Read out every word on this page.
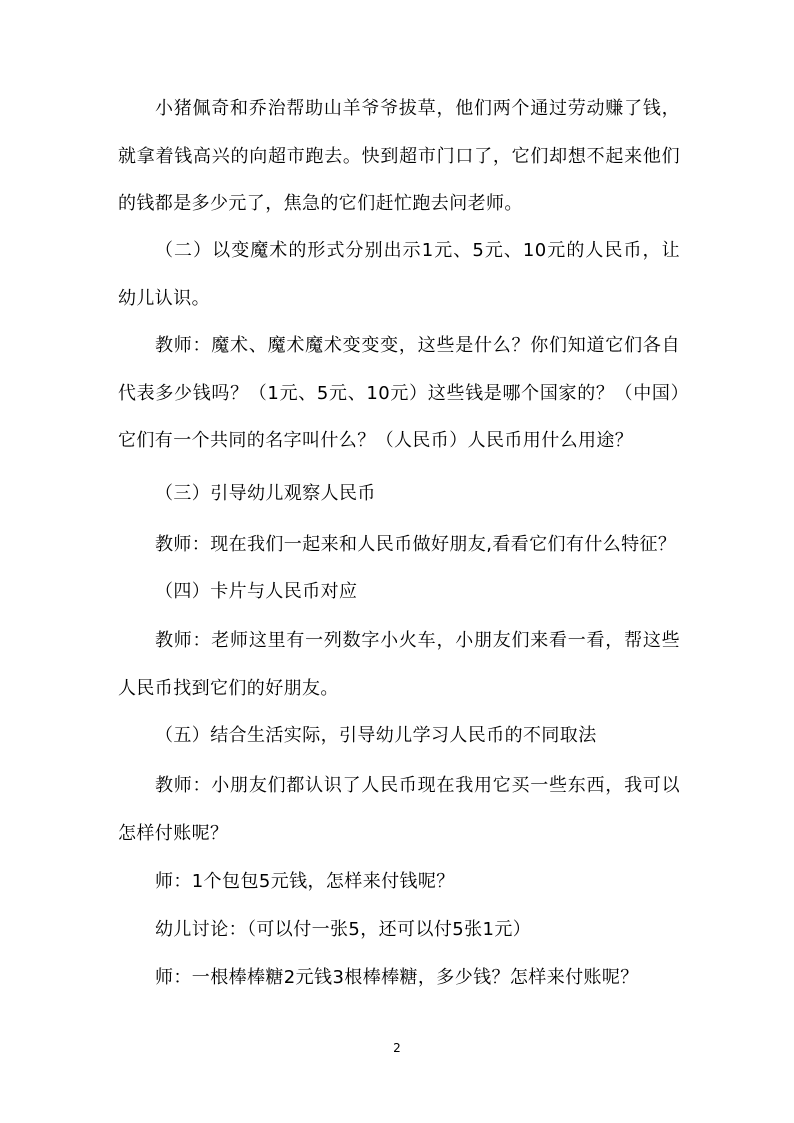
小猪佩奇和乔治帮助山羊爷爷拔草，他们两个通过劳动赚了钱，就拿着钱高兴的向超市跑去。快到超市门口了，它们却想不起来他们的钱都是多少元了，焦急的它们赶忙跑去问老师。

（二）以变魔术的形式分别出示1元、5元、10元的人民币，让幼儿认识。

教师：魔术、魔术魔术变变变，这些是什么？你们知道它们各自代表多少钱吗？（1元、5元、10元）这些钱是哪个国家的？（中国）它们有一个共同的名字叫什么？（人民币）人民币用什么用途？

（三）引导幼儿观察人民币

教师：现在我们一起来和人民币做好朋友,看看它们有什么特征？

（四）卡片与人民币对应

教师：老师这里有一列数字小火车，小朋友们来看一看，帮这些人民币找到它们的好朋友。

（五）结合生活实际，引导幼儿学习人民币的不同取法

教师：小朋友们都认识了人民币现在我用它买一些东西，我可以怎样付账呢？

师：1个包包5元钱，怎样来付钱呢？

幼儿讨论：（可以付一张5，还可以付5张1元）

师：一根棒棒糖2元钱3根棒棒糖，多少钱？怎样来付账呢？

2
